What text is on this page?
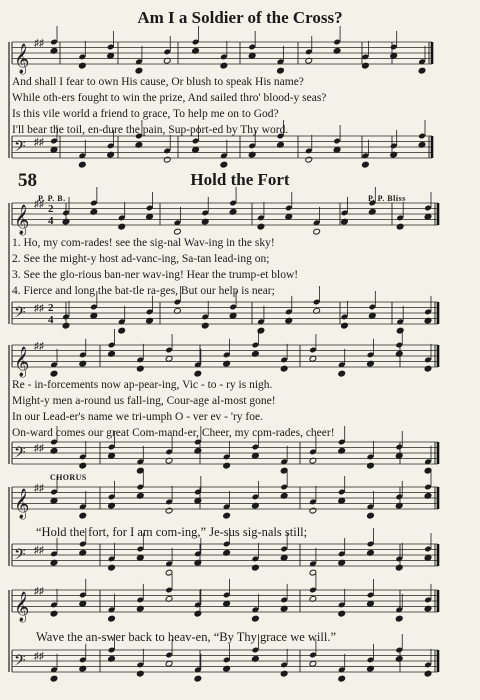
𝄞
♯♯
𝄢 ♯♯
𝄞
♯♯ 2
4
𝄢 ♯♯ 2
4
𝄞
♯♯
𝄢 ♯♯
𝄞
♯♯
𝄢 ♯♯
𝄞
♯♯
𝄢 ♯♯
Am I a Soldier of the Cross?
And shall I fear to own His cause, Or blush to speak His name?
While oth-ers fought to win the prize, And sailed thro' blood-y seas?
Is this vile world a friend to grace, To help me on to God?
I'll bear the toil, en-dure the pain, Sup-port-ed by Thy word.
58	Hold the Fort
P. P. B.	P. P. Bliss
1. Ho, my com-rades! see the sig-nal Wav-ing in the sky!
2. See the might-y host ad-vanc-ing, Sa-tan lead-ing on;
3. See the glo-rious ban-ner wav-ing! Hear the trump-et blow!
4. Fierce and long the bat-tle ra-ges, But our help is near;
Re - in-forcements now ap-pear-ing, Vic - to - ry is nigh.
Might-y men a-round us fall-ing, Cour-age al-most gone!
In our Lead-er's name we tri-umph O - ver ev - 'ry foe.
On-ward comes our great Com-mand-er, Cheer, my com-rades, cheer!
CHORUS
“Hold the fort, for I am com-ing,” Je-sus sig-nals still;
Wave the an-swer back to heav-en, “By Thy grace we will.”
